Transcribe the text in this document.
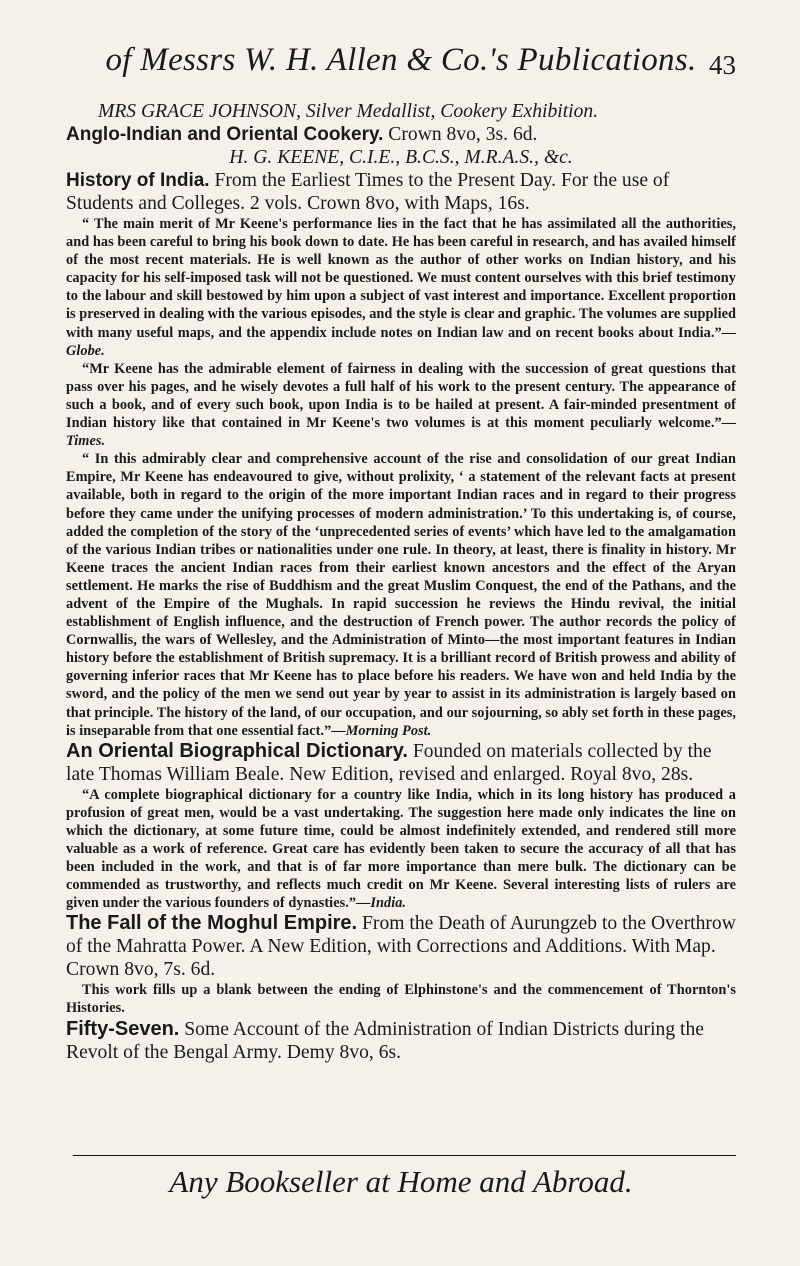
of Messrs W. H. Allen & Co.'s Publications. 43

MRS GRACE JOHNSON, Silver Medallist, Cookery Exhibition.

Anglo-Indian and Oriental Cookery. Crown 8vo, 3s. 6d.

H. G. KEENE, C.I.E., B.C.S., M.R.A.S., &c.

History of India. From the Earliest Times to the Present Day. For the use of Students and Colleges. 2 vols. Crown 8vo, with Maps, 16s.

“ The main merit of Mr Keene's performance lies in the fact that he has assimilated all the authorities, and has been careful to bring his book down to date. He has been careful in research, and has availed himself of the most recent materials. He is well known as the author of other works on Indian history, and his capacity for his self-imposed task will not be questioned. We must content ourselves with this brief testimony to the labour and skill bestowed by him upon a subject of vast interest and importance. Excellent proportion is preserved in dealing with the various episodes, and the style is clear and graphic. The volumes are supplied with many useful maps, and the appendix include notes on Indian law and on recent books about India.”—Globe.

“Mr Keene has the admirable element of fairness in dealing with the succession of great questions that pass over his pages, and he wisely devotes a full half of his work to the present century. The appearance of such a book, and of every such book, upon India is to be hailed at present. A fair-minded presentment of Indian history like that contained in Mr Keene's two volumes is at this moment peculiarly welcome.”—Times.

“ In this admirably clear and comprehensive account of the rise and consolidation of our great Indian Empire, Mr Keene has endeavoured to give, without prolixity, ‘ a statement of the relevant facts at present available, both in regard to the origin of the more important Indian races and in regard to their progress before they came under the unifying processes of modern administration.’ To this undertaking is, of course, added the completion of the story of the ‘unprecedented series of events’ which have led to the amalgamation of the various Indian tribes or nationalities under one rule. In theory, at least, there is finality in history. Mr Keene traces the ancient Indian races from their earliest known ancestors and the effect of the Aryan settlement. He marks the rise of Buddhism and the great Muslim Conquest, the end of the Pathans, and the advent of the Empire of the Mughals. In rapid succession he reviews the Hindu revival, the initial establishment of English influence, and the destruction of French power. The author records the policy of Cornwallis, the wars of Wellesley, and the Administration of Minto—the most important features in Indian history before the establishment of British supremacy. It is a brilliant record of British prowess and ability of governing inferior races that Mr Keene has to place before his readers. We have won and held India by the sword, and the policy of the men we send out year by year to assist in its administration is largely based on that principle. The history of the land, of our occupation, and our sojourning, so ably set forth in these pages, is inseparable from that one essential fact.”—Morning Post.

An Oriental Biographical Dictionary. Founded on materials collected by the late Thomas William Beale. New Edition, revised and enlarged. Royal 8vo, 28s.

“A complete biographical dictionary for a country like India, which in its long history has produced a profusion of great men, would be a vast undertaking. The suggestion here made only indicates the line on which the dictionary, at some future time, could be almost indefinitely extended, and rendered still more valuable as a work of reference. Great care has evidently been taken to secure the accuracy of all that has been included in the work, and that is of far more importance than mere bulk. The dictionary can be commended as trustworthy, and reflects much credit on Mr Keene. Several interesting lists of rulers are given under the various founders of dynasties.”—India.

The Fall of the Moghul Empire. From the Death of Aurungzeb to the Overthrow of the Mahratta Power. A New Edition, with Corrections and Additions. With Map. Crown 8vo, 7s. 6d.

This work fills up a blank between the ending of Elphinstone's and the commencement of Thornton's Histories.

Fifty-Seven. Some Account of the Administration of Indian Districts during the Revolt of the Bengal Army. Demy 8vo, 6s.

Any Bookseller at Home and Abroad.
